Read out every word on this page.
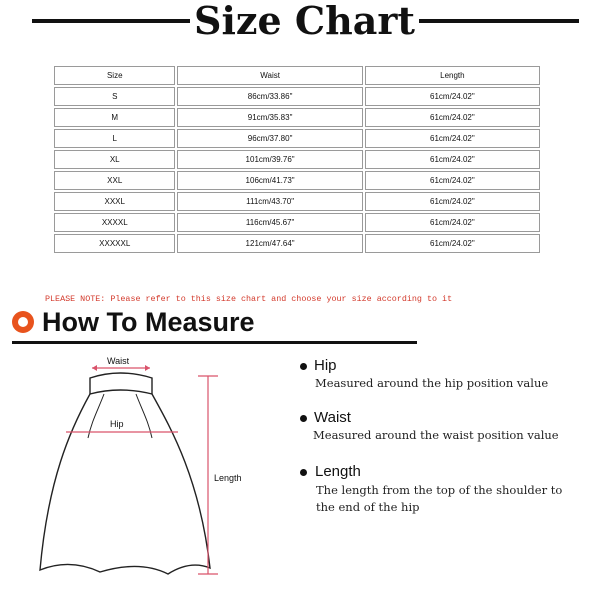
Size Chart
Size	Waist	Length
S	86cm/33.86"	61cm/24.02"
M	91cm/35.83"	61cm/24.02"
L	96cm/37.80"	61cm/24.02"
XL	101cm/39.76"	61cm/24.02"
XXL	106cm/41.73"	61cm/24.02"
XXXL	111cm/43.70"	61cm/24.02"
XXXXL	116cm/45.67"	61cm/24.02"
XXXXXL	121cm/47.64"	61cm/24.02"
PLEASE NOTE: Please refer to this size chart and choose your size according to it
How To Measure
Waist
Hip
Length
Hip
Measured around the hip position value
Waist
Measured around the waist position value
Length
The length from the top of the shoulder to
the end of the hip
